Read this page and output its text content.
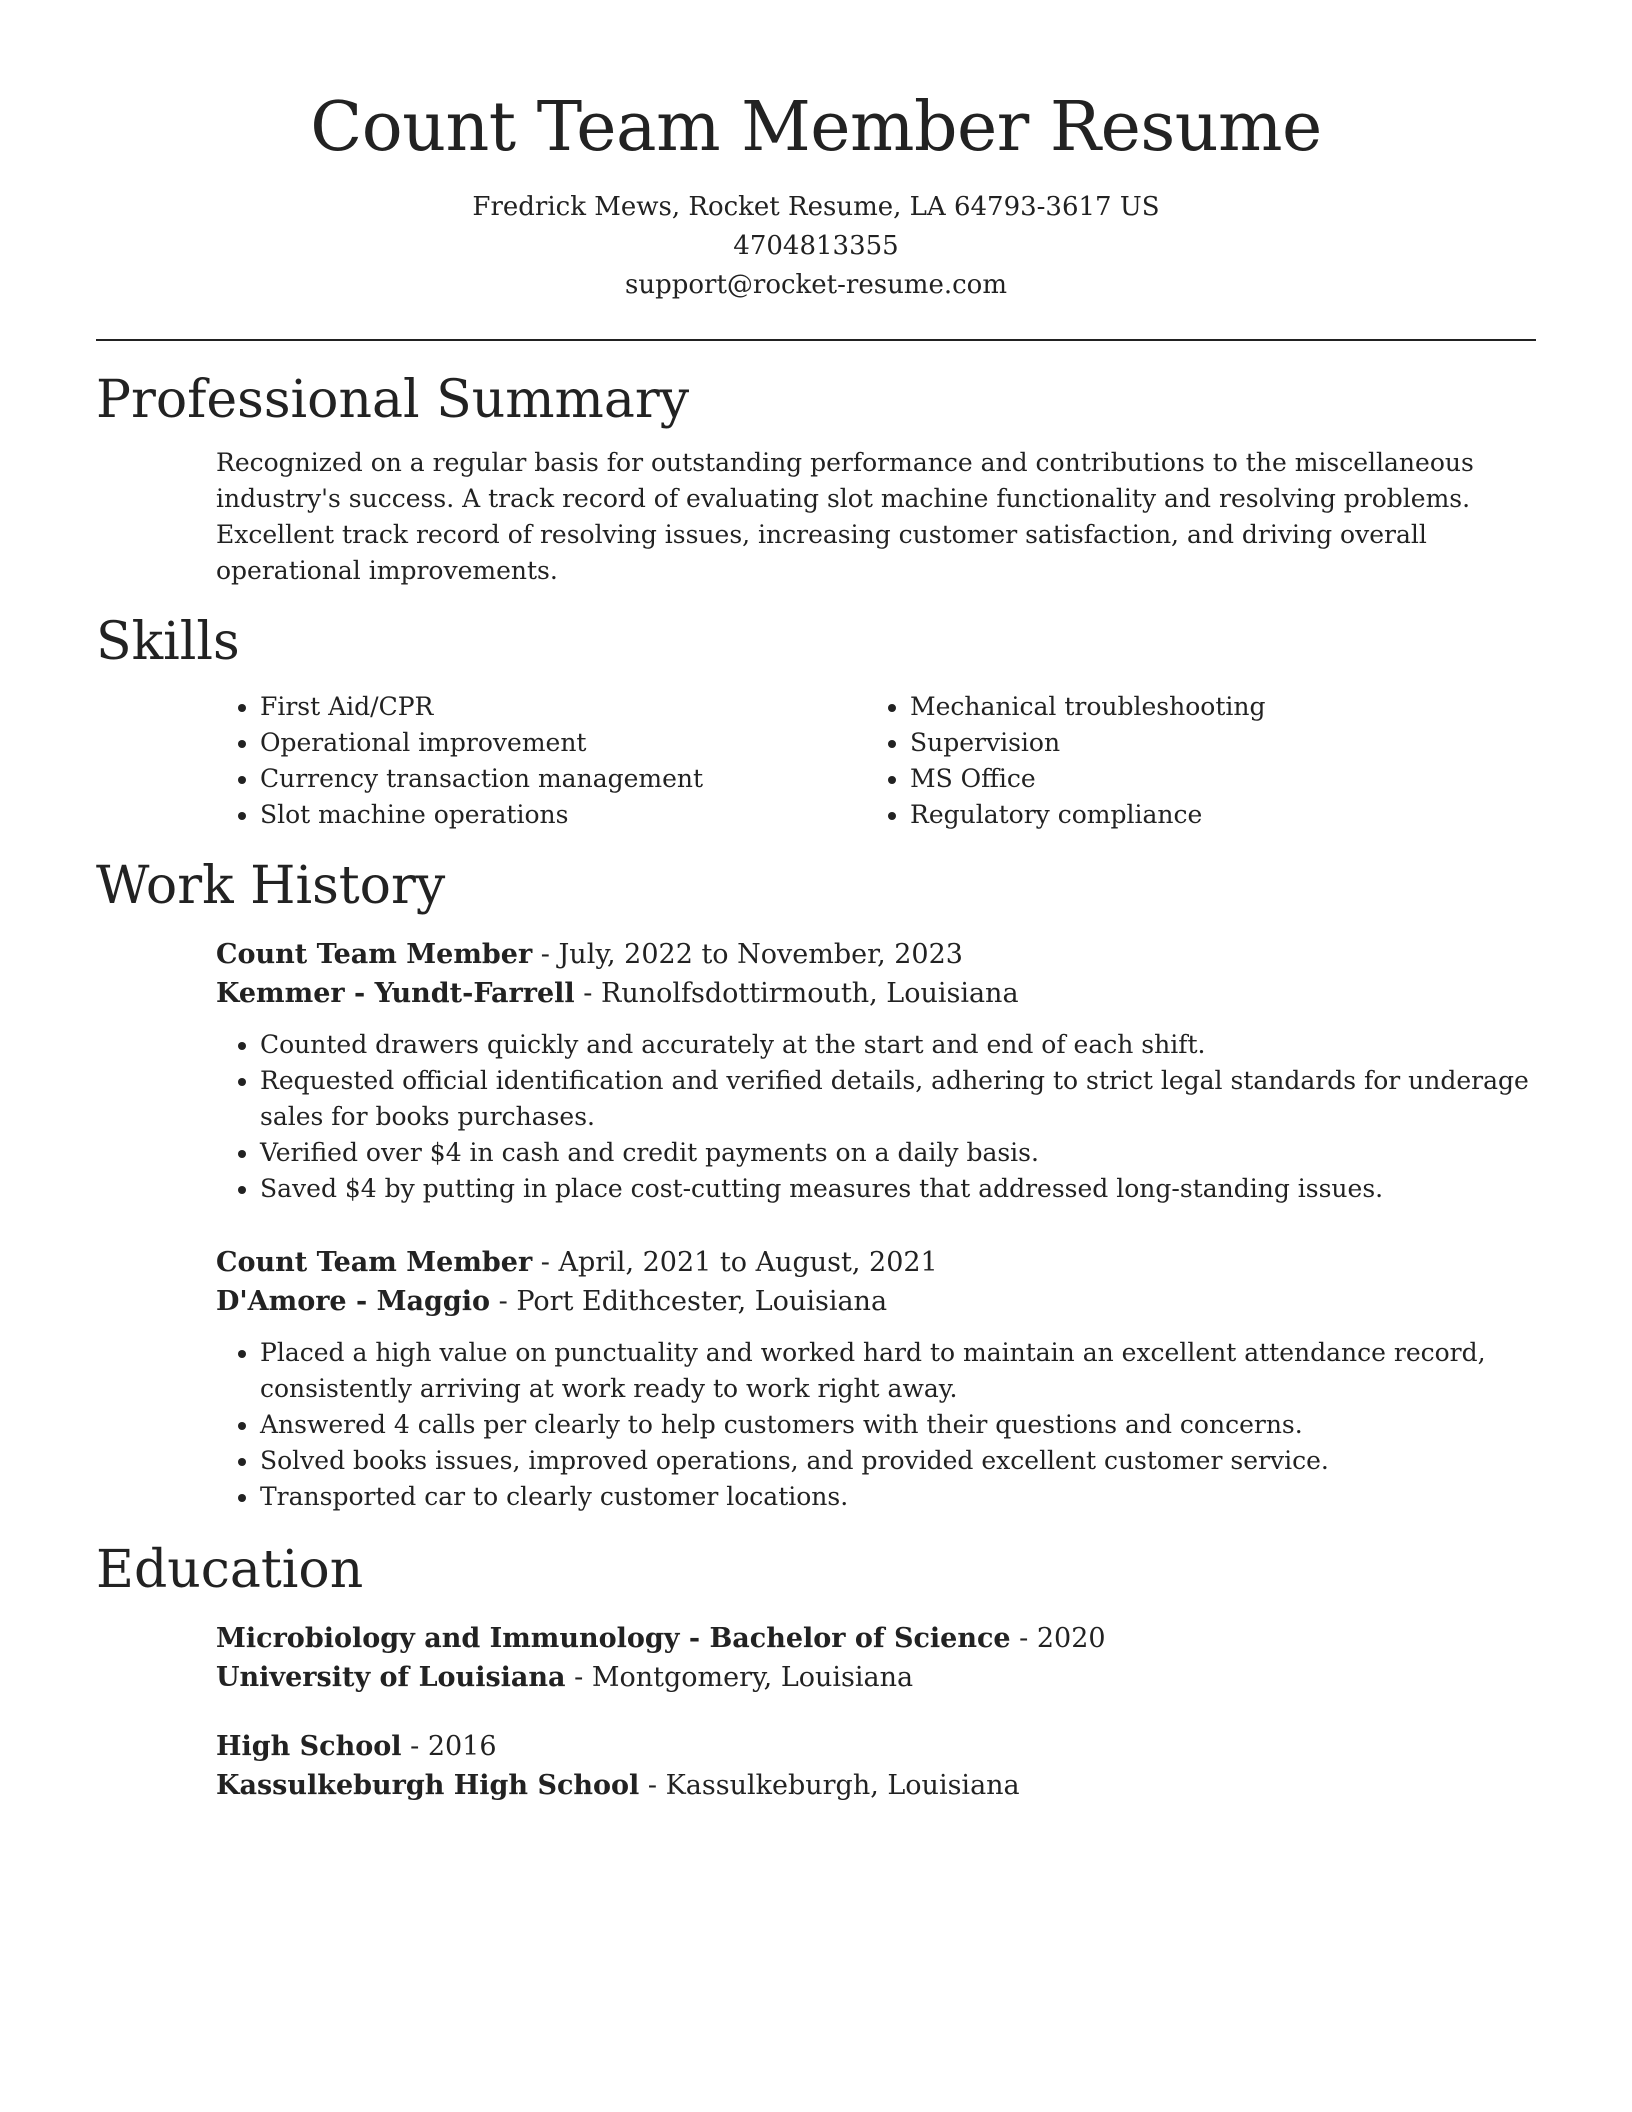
Count Team Member Resume
Fredrick Mews, Rocket Resume, LA 64793-3617 US
4704813355
support@rocket-resume.com
Professional Summary
Recognized on a regular basis for outstanding performance and contributions to the miscellaneous industry's success. A track record of evaluating slot machine functionality and resolving problems. Excellent track record of resolving issues, increasing customer satisfaction, and driving overall operational improvements.
Skills
• First Aid/CPR
• Operational improvement
• Currency transaction management
• Slot machine operations
• Mechanical troubleshooting
• Supervision
• MS Office
• Regulatory compliance
Work History
Count Team Member - July, 2022 to November, 2023
Kemmer - Yundt-Farrell - Runolfsdottirmouth, Louisiana
• Counted drawers quickly and accurately at the start and end of each shift.
• Requested official identification and verified details, adhering to strict legal standards for underage sales for books purchases.
• Verified over $4 in cash and credit payments on a daily basis.
• Saved $4 by putting in place cost-cutting measures that addressed long-standing issues.
Count Team Member - April, 2021 to August, 2021
D'Amore - Maggio - Port Edithcester, Louisiana
• Placed a high value on punctuality and worked hard to maintain an excellent attendance record, consistently arriving at work ready to work right away.
• Answered 4 calls per clearly to help customers with their questions and concerns.
• Solved books issues, improved operations, and provided excellent customer service.
• Transported car to clearly customer locations.
Education
Microbiology and Immunology - Bachelor of Science - 2020
University of Louisiana - Montgomery, Louisiana
High School - 2016
Kassulkeburgh High School - Kassulkeburgh, Louisiana
